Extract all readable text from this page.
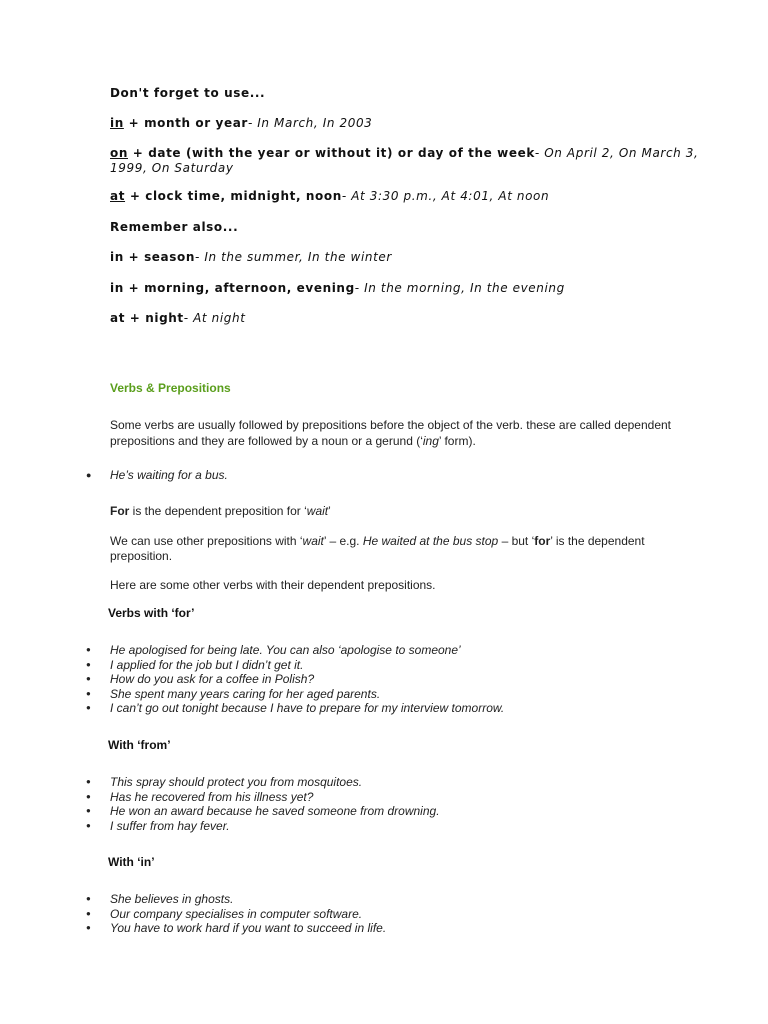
Don't forget to use...
in + month or year- In March, In 2003
on + date (with the year or without it) or day of the week- On April 2, On March 3,
1999, On Saturday
at + clock time, midnight, noon- At 3:30 p.m., At 4:01, At noon
Remember also...
in + season- In the summer, In the winter
in + morning, afternoon, evening- In the morning, In the evening
at + night- At night
Verbs & Prepositions
Some verbs are usually followed by prepositions before the object of the verb. these are called dependent
prepositions and they are followed by a noun or a gerund (‘ing’ form).
● He’s waiting for a bus.
For is the dependent preposition for ‘wait’
We can use other prepositions with ‘wait’ – e.g. He waited at the bus stop – but ‘for’ is the dependent
preposition.
Here are some other verbs with their dependent prepositions.
Verbs with ‘for’
● He apologised for being late. You can also ‘apologise to someone’
● I applied for the job but I didn’t get it.
● How do you ask for a coffee in Polish?
● She spent many years caring for her aged parents.
● I can’t go out tonight because I have to prepare for my interview tomorrow.
With ‘from’
● This spray should protect you from mosquitoes.
● Has he recovered from his illness yet?
● He won an award because he saved someone from drowning.
● I suffer from hay fever.
With ‘in’
● She believes in ghosts.
● Our company specialises in computer software.
● You have to work hard if you want to succeed in life.
